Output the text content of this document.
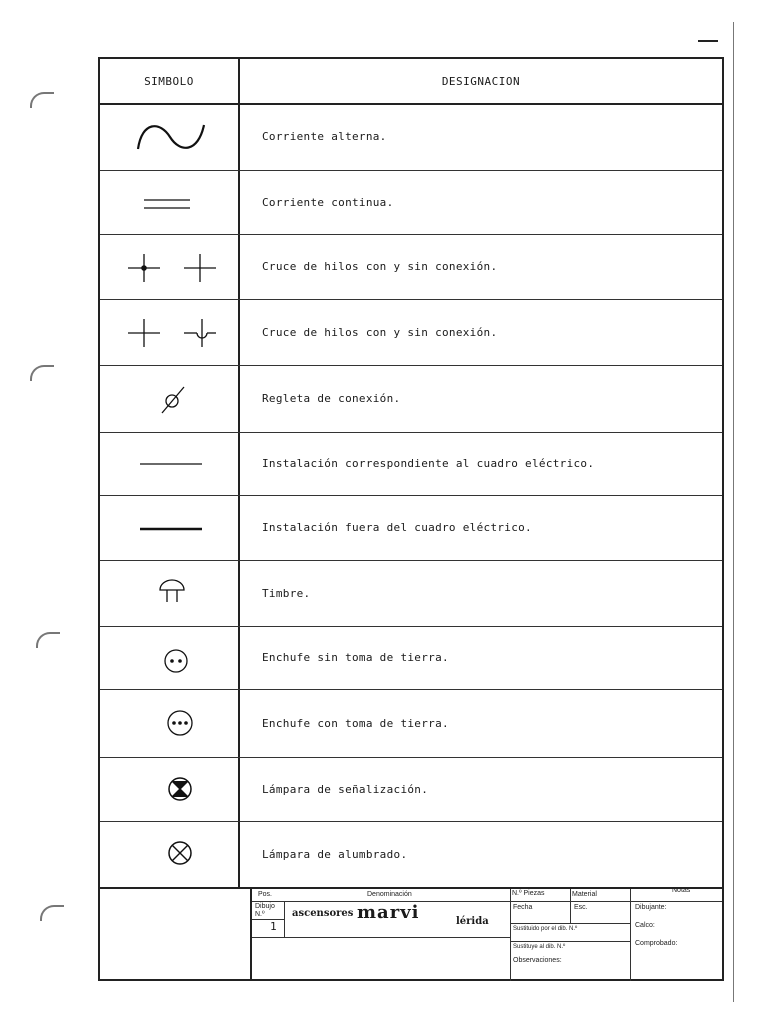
SIMBOLO	DESIGNACION
Corriente alterna.
Corriente continua.
Cruce de hilos con y sin conexión.
Cruce de hilos con y sin conexión.
Regleta de conexión.
Instalación correspondiente al cuadro eléctrico.
Instalación fuera del cuadro eléctrico.
Timbre.
Enchufe sin toma de tierra.
Enchufe con toma de tierra.
Lámpara de señalización.
Lámpara de alumbrado.
Pos.	Denominación	N.º Piezas	Material
Notas
Dibujo
N.º
1
ascensores marvi	lérida
Fecha	Esc.
Sustituido por el dib. N.º
Sustituye al dib. N.º
Observaciones:
Dibujante:
Calco:
Comprobado:
